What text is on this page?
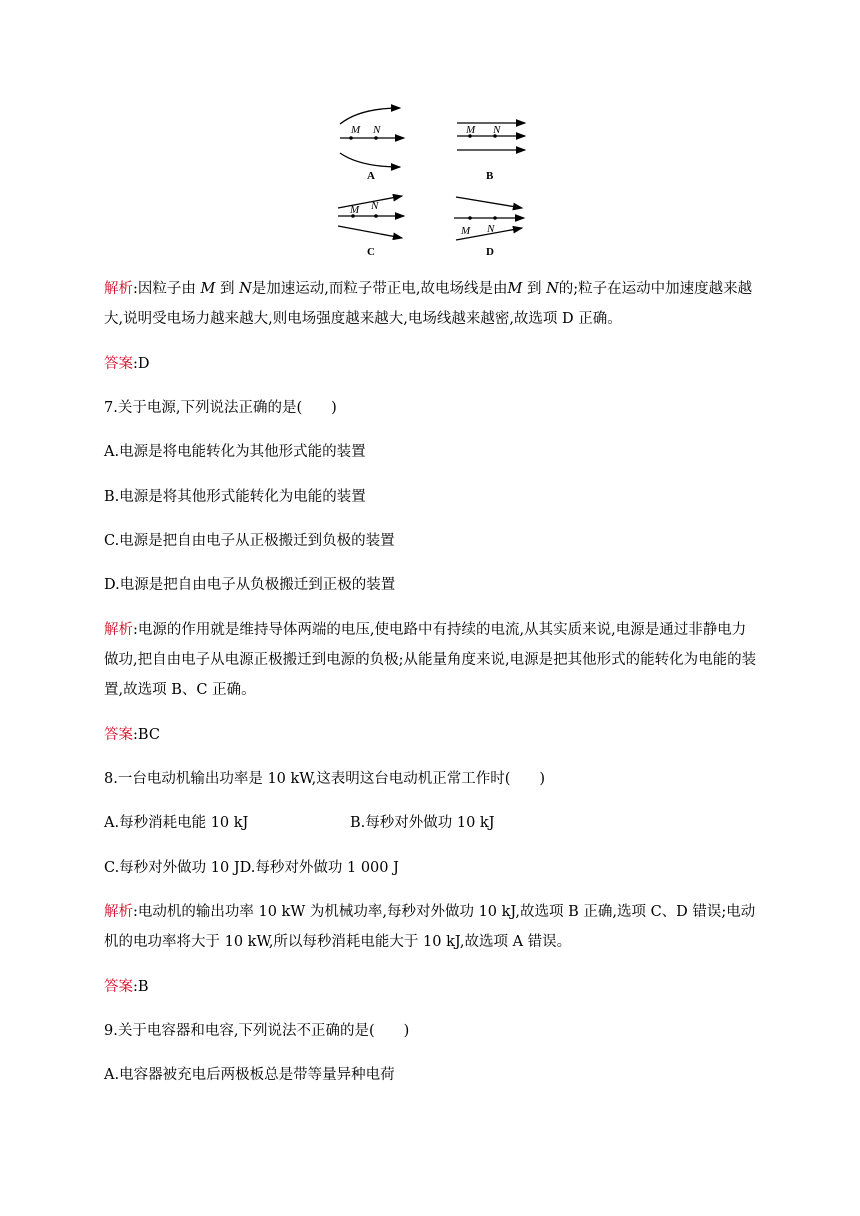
M N
A
M N
B
M N
C
M N
D
解析:因粒子由 M 到 N是加速运动,而粒子带正电,故电场线是由M 到 N的;粒子在运动中加速度越来越大,说明受电场力越来越大,则电场强度越来越大,电场线越来越密,故选项 D 正确。
答案:D
7.关于电源,下列说法正确的是(　　)
A.电源是将电能转化为其他形式能的装置
B.电源是将其他形式能转化为电能的装置
C.电源是把自由电子从正极搬迁到负极的装置
D.电源是把自由电子从负极搬迁到正极的装置
解析:电源的作用就是维持导体两端的电压,使电路中有持续的电流,从其实质来说,电源是通过非静电力做功,把自由电子从电源正极搬迁到电源的负极;从能量角度来说,电源是把其他形式的能转化为电能的装置,故选项 B、C 正确。
答案:BC
8.一台电动机输出功率是 10 kW,这表明这台电动机正常工作时(　　)
A.每秒消耗电能 10 kJ	B.每秒对外做功 10 kJ
C.每秒对外做功 10 JD.每秒对外做功 1 000 J
解析:电动机的输出功率 10 kW 为机械功率,每秒对外做功 10 kJ,故选项 B 正确,选项 C、D 错误;电动机的电功率将大于 10 kW,所以每秒消耗电能大于 10 kJ,故选项 A 错误。
答案:B
9.关于电容器和电容,下列说法不正确的是(　　)
A.电容器被充电后两极板总是带等量异种电荷
